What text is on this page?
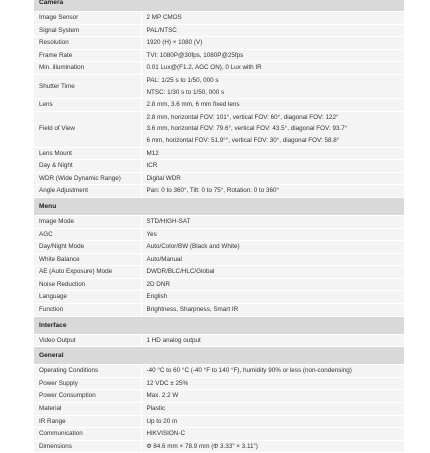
Camera	
Image Sensor	2 MP CMOS

Signal System	PAL/NTSC

Resolution	1920 (H) × 1080 (V)

Frame Rate	TVI: 1080P@30fps, 1080P@25fps

Min. illumination	0.01 Lux@(F1.2, AGC ON), 0 Lux with IR

Shutter Time	PAL: 1/25 s to 1/50, 000 s
NTSC: 1/30 s to 1/50, 000 s

Lens	2.8 mm, 3.6 mm, 6 mm fixed lens

Field of View	2.8 mm, horizontal FOV: 101°, vertical FOV: 60°, diagonal FOV: 122°
3.6 mm, horizontal FOV: 79.6°, vertical FOV: 43.5°, diagonal FOV: 93.7°
6 mm, horizontal FOV: 51.9°°, vertical FOV: 30°, diagonal FOV: 58.8°

Lens Mount	M12

Day & Night	ICR

WDR (Wide Dynamic Range)	Digital WDR

Angle Adjustment	Pan: 0 to 360°, Tilt: 0 to 75°, Rotation: 0 to 360°

Menu	
Image Mode	STD/HIGH-SAT

AGC	Yes

Day/Night Mode	Auto/Color/BW (Black and White)

White Balance	Auto/Manual

AE (Auto Exposure) Mode	DWDR/BLC/HLC/Global

Noise Reduction	2D DNR

Language	English

Function	Brightness, Sharpness, Smart IR

Interface	
Video Output	1 HD analog output

General	
Operating Conditions	-40 °C to 60 °C (-40 °F to 140 °F), humidity 90% or less (non-condensing)

Power Supply	12 VDC ± 25%

Power Consumption	Max. 2.2 W

Material	Plastic

IR Range	Up to 20 m

Communication	HIKVISION-C

Dimensions	Φ 84.6 mm × 78.9 mm (Φ 3.33" × 3.11")
